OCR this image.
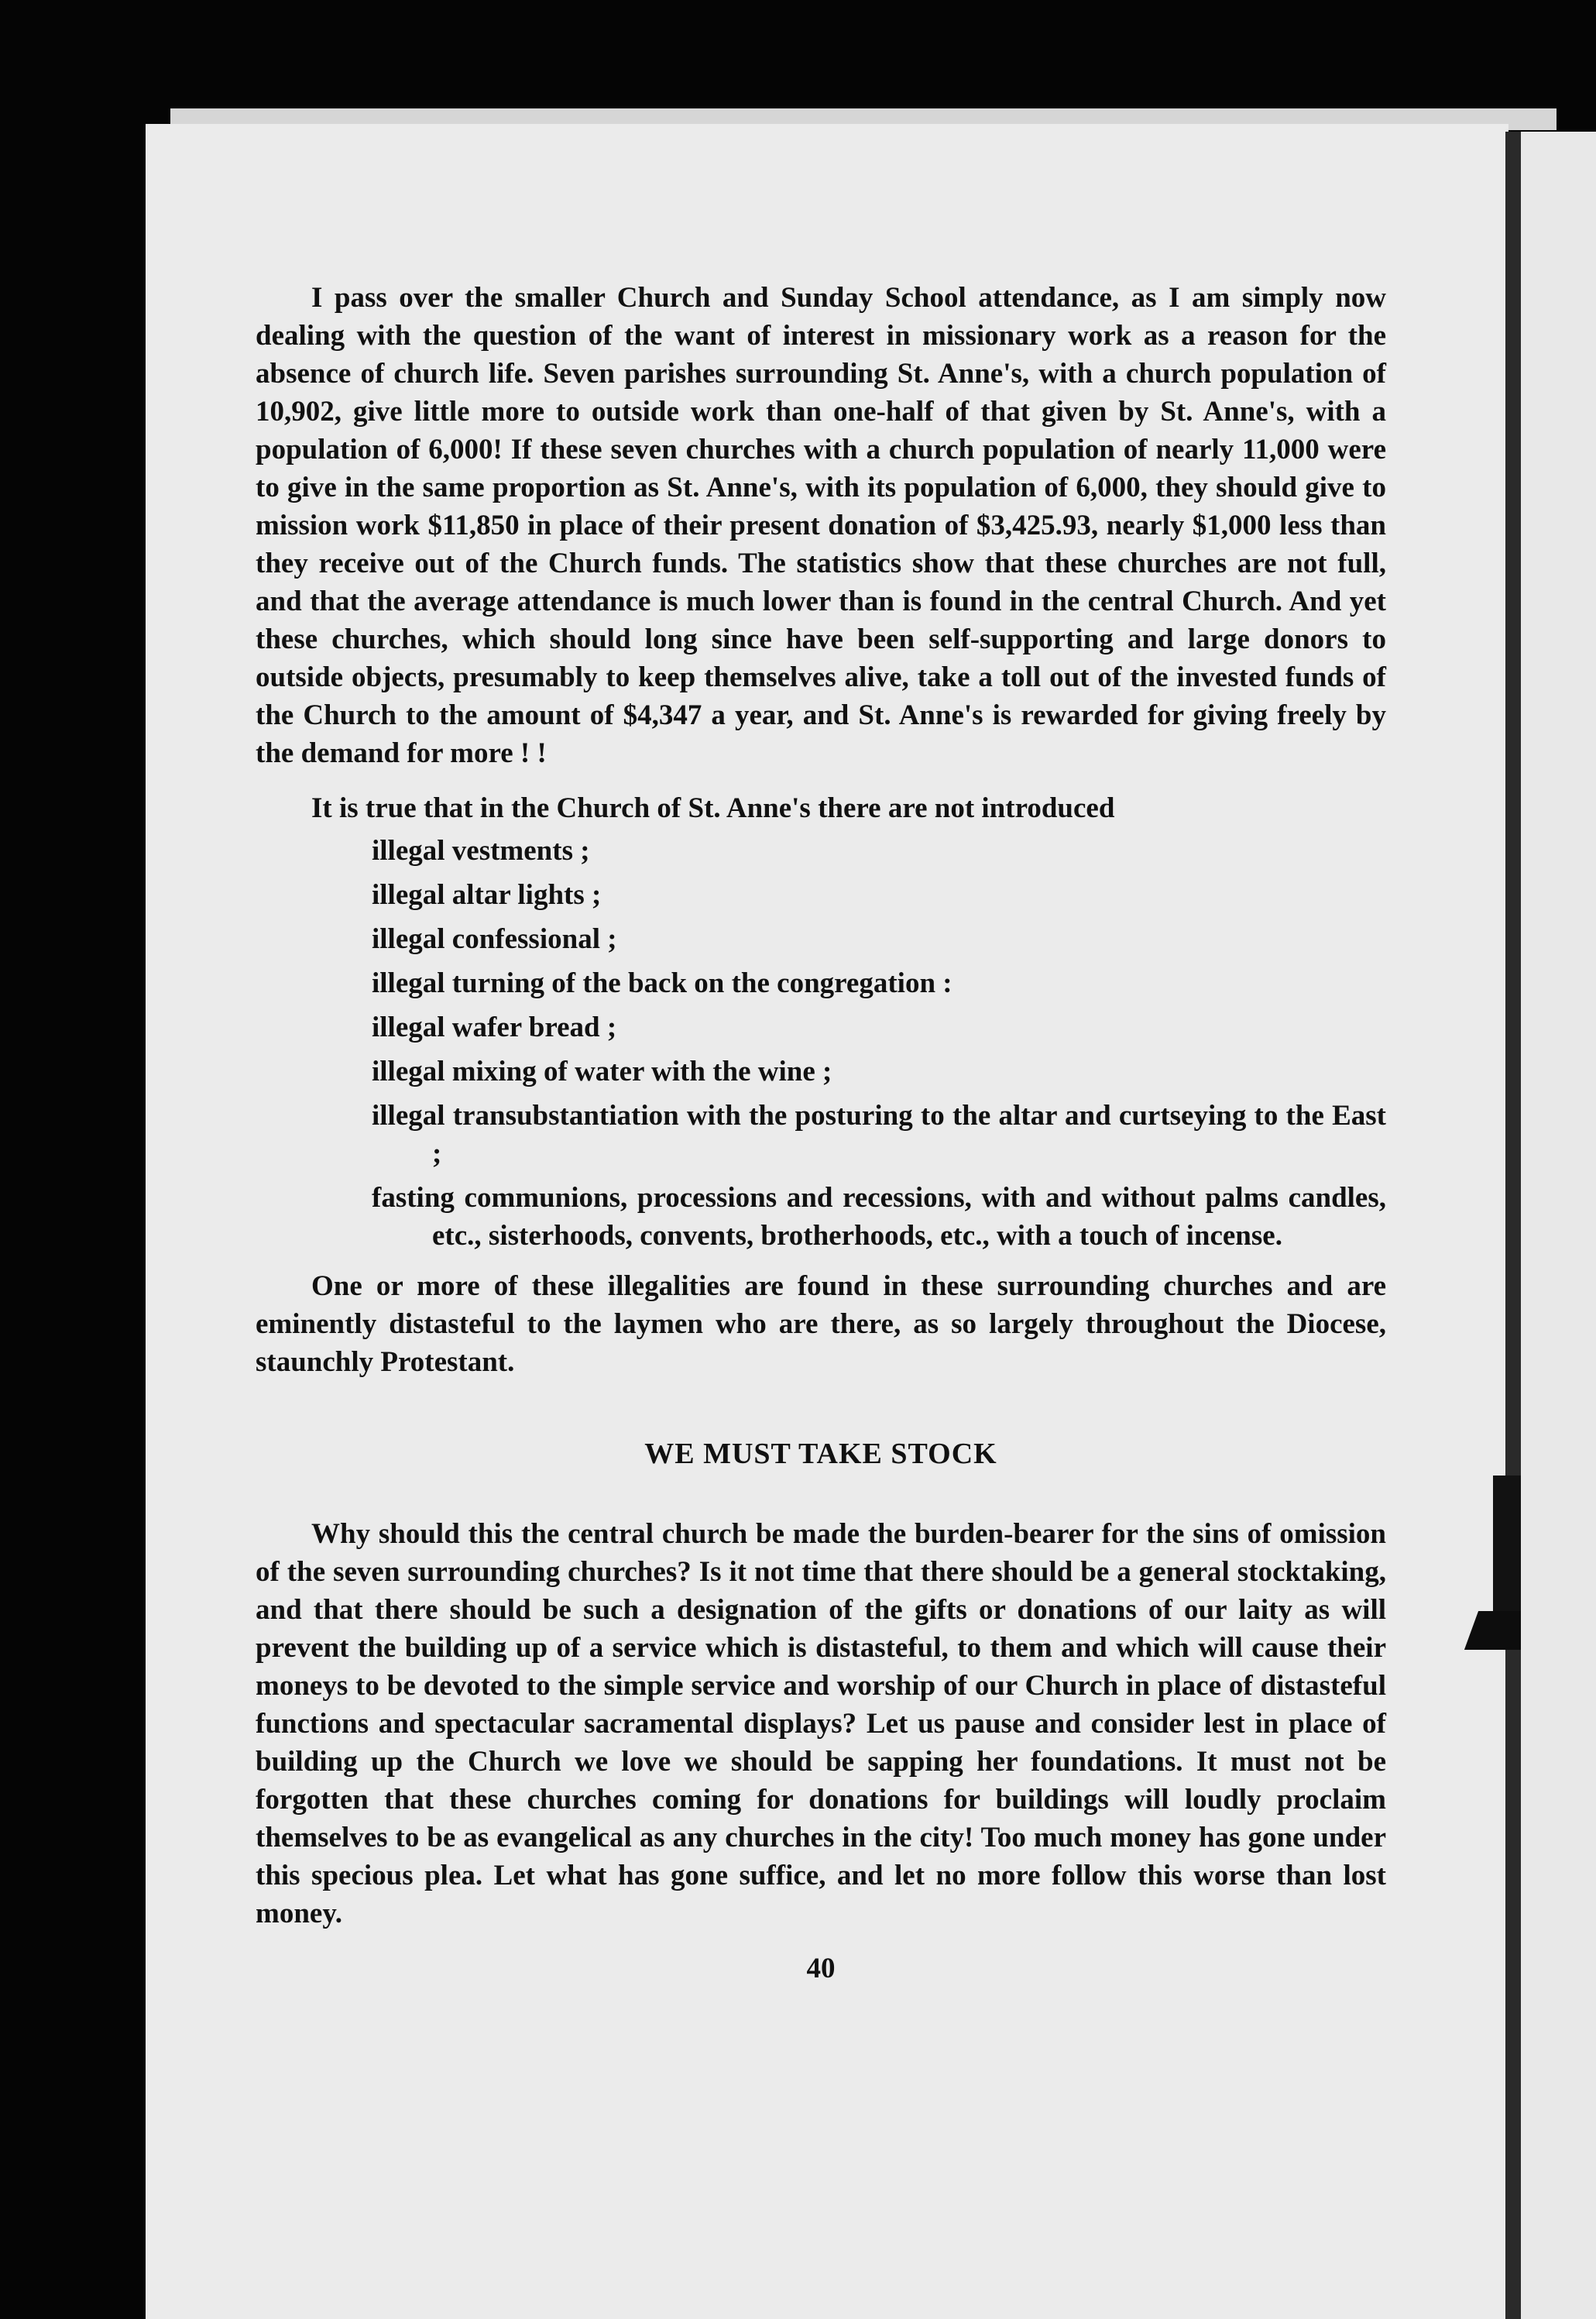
I pass over the smaller Church and Sunday School attendance, as I am simply now dealing with the question of the want of interest in missionary work as a reason for the absence of church life. Seven parishes surrounding St. Anne's, with a church population of 10,902, give little more to outside work than one-half of that given by St. Anne's, with a population of 6,000! If these seven churches with a church population of nearly 11,000 were to give in the same proportion as St. Anne's, with its population of 6,000, they should give to mission work $11,850 in place of their present donation of $3,425.93, nearly $1,000 less than they receive out of the Church funds. The statistics show that these churches are not full, and that the average attendance is much lower than is found in the central Church. And yet these churches, which should long since have been self-supporting and large donors to outside objects, presumably to keep themselves alive, take a toll out of the invested funds of the Church to the amount of $4,347 a year, and St. Anne's is rewarded for giving freely by the demand for more ! !

It is true that in the Church of St. Anne's there are not introduced

illegal vestments ;
illegal altar lights ;
illegal confessional ;
illegal turning of the back on the congregation :
illegal wafer bread ;
illegal mixing of water with the wine ;
illegal transubstantiation with the posturing to the altar and curtseying to the East ;
fasting communions, processions and recessions, with and without palms candles, etc., sisterhoods, convents, brotherhoods, etc., with a touch of incense.

One or more of these illegalities are found in these surrounding churches and are eminently distasteful to the laymen who are there, as so largely throughout the Diocese, staunchly Protestant.

WE MUST TAKE STOCK

Why should this the central church be made the burden-bearer for the sins of omission of the seven surrounding churches? Is it not time that there should be a general stocktaking, and that there should be such a designation of the gifts or donations of our laity as will prevent the building up of a service which is distasteful, to them and which will cause their moneys to be devoted to the simple service and worship of our Church in place of distasteful functions and spectacular sacramental displays? Let us pause and consider lest in place of building up the Church we love we should be sapping her foundations. It must not be forgotten that these churches coming for donations for buildings will loudly proclaim themselves to be as evangelical as any churches in the city! Too much money has gone under this specious plea. Let what has gone suffice, and let no more follow this worse than lost money.

40
